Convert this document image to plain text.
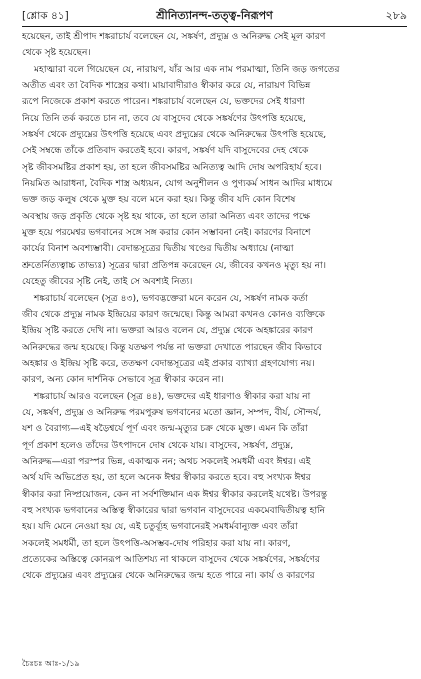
[শ্লোক ৪১]	শ্রীনিত্যানন্দ-তত্ত্ব-নিরূপণ	২৮৯
হয়েছেন, তাই শ্রীপাদ শঙ্করাচার্য বলেছেন যে, সঙ্কর্ষণ, প্রদ্যুম্ন ও অনিরুদ্ধ সেই মূল কারণ
থেকে সৃষ্ট হয়েছেন।
মহাত্মারা বলে গিয়েছেন যে, নারায়ণ, যাঁর আর এক নাম পরমাত্মা, তিনি জড় জগতের
অতীত এবং তা বৈদিক শাস্ত্রের কথা। মায়াবাদীরাও স্বীকার করে যে, নারায়ণ বিভিন্ন
রূপে নিজেকে প্রকাশ করতে পারেন। শঙ্করাচার্য বলেছেন যে, ভক্তদের সেই ধারণা
নিয়ে তিনি তর্ক করতে চান না, তবে যে বাসুদেব থেকে সঙ্কর্ষণের উৎপত্তি হয়েছে,
সঙ্কর্ষণ থেকে প্রদ্যুম্নের উৎপত্তি হয়েছে এবং প্রদ্যুম্নের থেকে অনিরুদ্ধের উৎপত্তি হয়েছে,
সেই সম্বন্ধে তাঁকে প্রতিবাদ করতেই হবে। কারণ, সঙ্কর্ষণ যদি বাসুদেবের দেহ থেকে
সৃষ্ট জীবসমষ্টির প্রকাশ হয়, তা হলে জীবসমষ্টির অনিত্যত্ব আদি দোষ অপরিহার্য হবে।
নিয়মিত আরাধনা, বৈদিক শাস্ত্র অধ্যয়ন, যোগ অনুশীলন ও পুণ্যকর্ম সাধন আদির মাধ্যমে
ভক্ত জড় কলুষ থেকে মুক্ত হয় বলে মনে করা হয়। কিন্তু জীব যদি কোন বিশেষ
অবস্থায় জড় প্রকৃতি থেকে সৃষ্ট হয় থাকে, তা হলে তারা অনিত্য এবং তাদের পক্ষে
মুক্ত হয়ে পরমেশ্বর ভগবানের সঙ্গে সঙ্গ করার কোন সম্ভাবনা নেই। কারণের বিনাশে
কার্যের বিনাশ অবশ্যম্ভাবী। বেদান্তসূত্রের দ্বিতীয় খণ্ডের দ্বিতীয় অধ্যায়ে (নাত্মা
শ্রুতের্নিত্যত্বাচ্চ তাভ্যঃ) সূত্রের দ্বারা প্রতিপন্ন করেছেন যে, জীবের কখনও মৃত্যু হয় না।
যেহেতু জীবের সৃষ্টি নেই, তাই সে অবশ্যই নিত্য।
শঙ্করাচার্য বলেছেন (সূত্র ৪৩), ভগবদ্ভক্তেরা মনে করেন যে, সঙ্কর্ষণ নামক কর্তা
জীব থেকে প্রদ্যুম্ন নামক ইন্দ্রিয়ের কারণ জন্মেছে। কিন্তু আমরা কখনও কোনও ব্যক্তিকে
ইন্দ্রিয় সৃষ্টি করতে দেখি না। ভক্তরা আরও বলেন যে, প্রদ্যুম্ন থেকে অহঙ্কারের কারণ
অনিরুদ্ধের জন্ম হয়েছে। কিন্তু যতক্ষণ পর্যন্ত না ভক্তরা দেখাতে পারছেন জীব কিভাবে
অহঙ্কার ও ইন্দ্রিয় সৃষ্টি করে, ততক্ষণ বেদান্তসূত্রের এই প্রকার ব্যাখ্যা গ্রহণযোগ্য নয়।
কারণ, অন্য কোন দার্শনিক সেভাবে সূত্র স্বীকার করেন না।
শঙ্করাচার্য আরও বলেছেন (সূত্র ৪৪), ভক্তদের এই ধারণাও স্বীকার করা যায় না
যে, সঙ্কর্ষণ, প্রদ্যুম্ন ও অনিরুদ্ধ পরমপুরুষ ভগবানের মতো জ্ঞান, সম্পদ, বীর্য, সৌন্দর্য,
যশ ও বৈরাগ্য—এই ষড়ৈশ্বর্যে পূর্ণ এবং জন্ম-মৃত্যুর চক্র থেকে মুক্ত। এমন কি তাঁরা
পূর্ণ প্রকাশ হলেও তাঁদের উৎপাদনে দোষ থেকে যায়। বাসুদেব, সঙ্কর্ষণ, প্রদ্যুম্ন,
অনিরুদ্ধ—এরা পরস্পর ভিন্ন, একাত্মক নন; অথচ সকলেই সমধর্মী এবং ঈশ্বর। এই
অর্থ যদি অভিপ্রেত হয়, তা হলে অনেক ঈশ্বর স্বীকার করতে হবে। বহু সংখ্যক ঈশ্বর
স্বীকার করা নিষ্প্রয়োজন, কেন না সর্বশক্তিমান এক ঈশ্বর স্বীকার করলেই যথেষ্ট। উপরন্তু
বহু সংখ্যক ভগবানের অস্তিত্ব স্বীকারের দ্বারা ভগবান বাসুদেবের একমেবাদ্বিতীয়ত্ব হানি
হয়। যদি মেনে নেওয়া হয় যে, এই চতুর্ব্যূহ ভগবানেরই সমধর্মবান্যুক্ত এবং তাঁরা
সকলেই সমধর্মী, তা হলে উৎপত্তি-অসম্ভব-দোষ পরিহার করা যায় না। কারণ,
প্রত্যেকের অস্তিত্বে কোনরূপ আতিশয্য না থাকলে বাসুদেব থেকে সঙ্কর্ষণের, সঙ্কর্ষণের
থেকে প্রদ্যুম্নের এবং প্রদ্যুম্নের থেকে অনিরুদ্ধের জন্ম হতে পারে না। কার্য ও কারণের
চৈঃচঃ আঃ-১/১৯
